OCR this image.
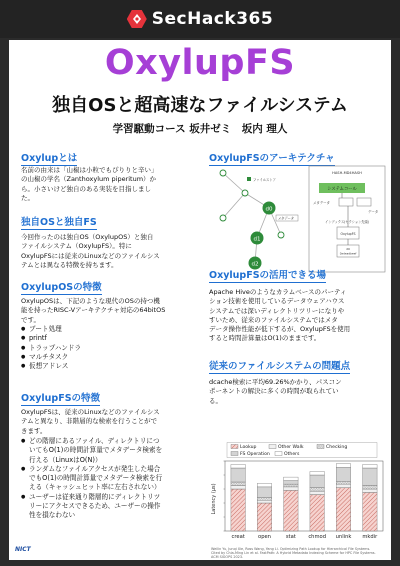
SecHack365
OxylupFS
独自OSと超高速なファイルシステム
学習駆動コース 坂井ゼミ　坂内 理人
Oxylupとは
名前の由来は「山椒は小粒でもぴりりと辛い」
の山椒の学名（Zanthoxylum piperitum）か
ら。小さいけど独自のある実装を目指しまし
た。
独自OSと独自FS
今回作ったのは独自OS（OxylupOS）と独自
ファイルシステム（OxylupFS）。特に
OxylupFSには従来のLinuxなどのファイルシス
テムとは異なる特徴を持ちます。
OxylupOSの特徴
OxylupOSは、下記のような現代のOSの持つ機
能を持ったRISC-Vアーキテクチャ対応の64bitOS
です。
● ブート処理
● printf
● トラップハンドラ
● マルチタスク
● 仮想アドレス
OxylupFSの特徴
OxylupFSは、従来のLinuxなどのファイルシス
テムと異なり、非階層的な検索を行うことがで
きます。
● どの階層にあるファイル、ディレクトリにつ
いてもO(1)の時間計算量でメタデータ検索を
行える（LinuxはO(N)）
● ランダムなファイルアクセスが発生した場合
でもO(1)の時間計算量でメタデータ検索を行
える（キャッシュヒット率に左右されない）
● ユーザーは従来通り階層的にディレクトリツ
リーにアクセスできるため、ユーザーの操作
性を損なわない
OxylupFSのアーキテクチャ
d0
d1
d2
ファイルストア
メタデータ
HASH-MD4HASH
システムコール
メタデータ
データ
インデックス(セクション先頭)
OxylupFS
d0
0xdeadbeef
OxylupFSの活用できる場
Apache Hiveのようなカラムベースのパーティ
ション技術を使用しているデータウェアハウス
システムでは深いディレクトリツリーになりや
すいため、従来のファイルシステムではメタ
データ操作性能が低下するが、OxylupFSを使用
すると時間計算量はO(1)のままです。
従来のファイルシステムの問題点
dcache検索に平均69.26%かかり、パスコン
ポーネントの解決に多くの時間が取られてい
る。
Lookup	Other Walk	Checking
FS Operation	Others
creat	open	stat chmod unlink mkdir
Latency (μs)
Weilin Yu, Junqi Xie, Ross Wang, Yang Li. Optimizing Path Lookup for Hierarchical File Systems.
Cited by Chia-Ming Lin et al. FastPath: A Hybrid Metadata Indexing Scheme for HPC File Systems. ACM SIGOPS 2023.
NICT
